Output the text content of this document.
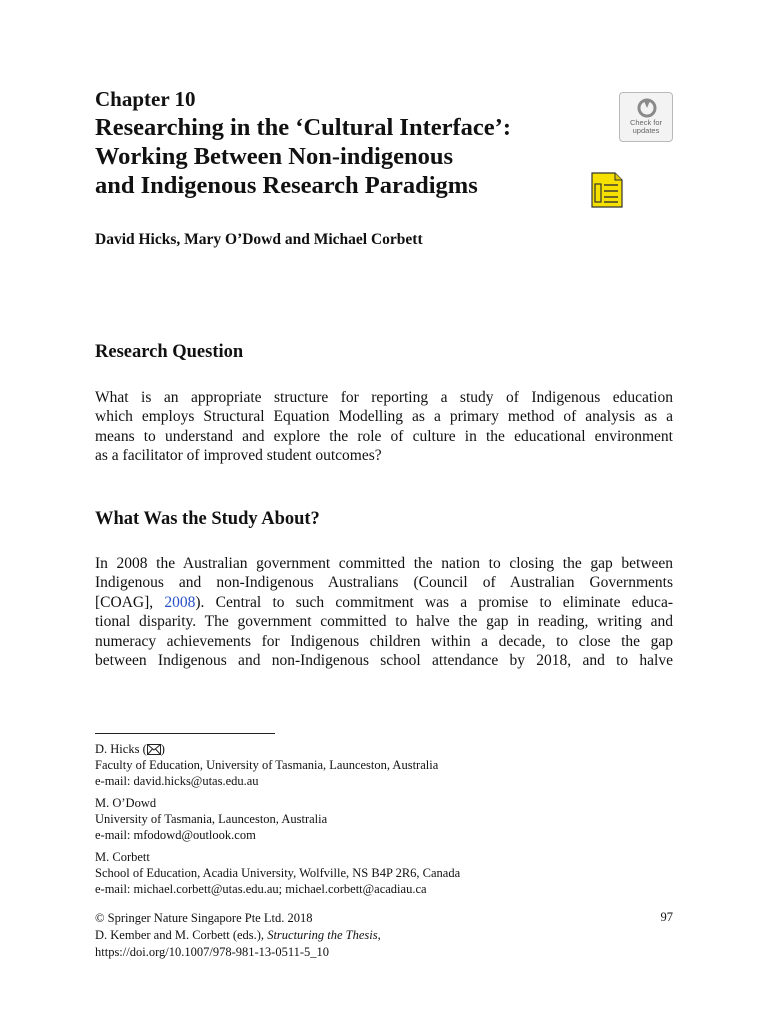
Chapter 10
Researching in the ‘Cultural Interface’:
Working Between Non-indigenous
and Indigenous Research Paradigms
Check for
updates
David Hicks, Mary O’Dowd and Michael Corbett
Research Question

What is an appropriate structure for reporting a study of Indigenous education
which employs Structural Equation Modelling as a primary method of analysis as a
means to understand and explore the role of culture in the educational environment
as a facilitator of improved student outcomes?

What Was the Study About?

In 2008 the Australian government committed the nation to closing the gap between
Indigenous and non-Indigenous Australians (Council of Australian Governments
[COAG], 2008). Central to such commitment was a promise to eliminate educa-
tional disparity. The government committed to halve the gap in reading, writing and
numeracy achievements for Indigenous children within a decade, to close the gap
between Indigenous and non-Indigenous school attendance by 2018, and to halve

D. Hicks ( )
Faculty of Education, University of Tasmania, Launceston, Australia
e-mail: david.hicks@utas.edu.au
M. O’Dowd
University of Tasmania, Launceston, Australia
e-mail: mfodowd@outlook.com
M. Corbett
School of Education, Acadia University, Wolfville, NS B4P 2R6, Canada
e-mail: michael.corbett@utas.edu.au; michael.corbett@acadiau.ca
© Springer Nature Singapore Pte Ltd. 2018
D. Kember and M. Corbett (eds.), Structuring the Thesis,
https://doi.org/10.1007/978-981-13-0511-5_10
97
